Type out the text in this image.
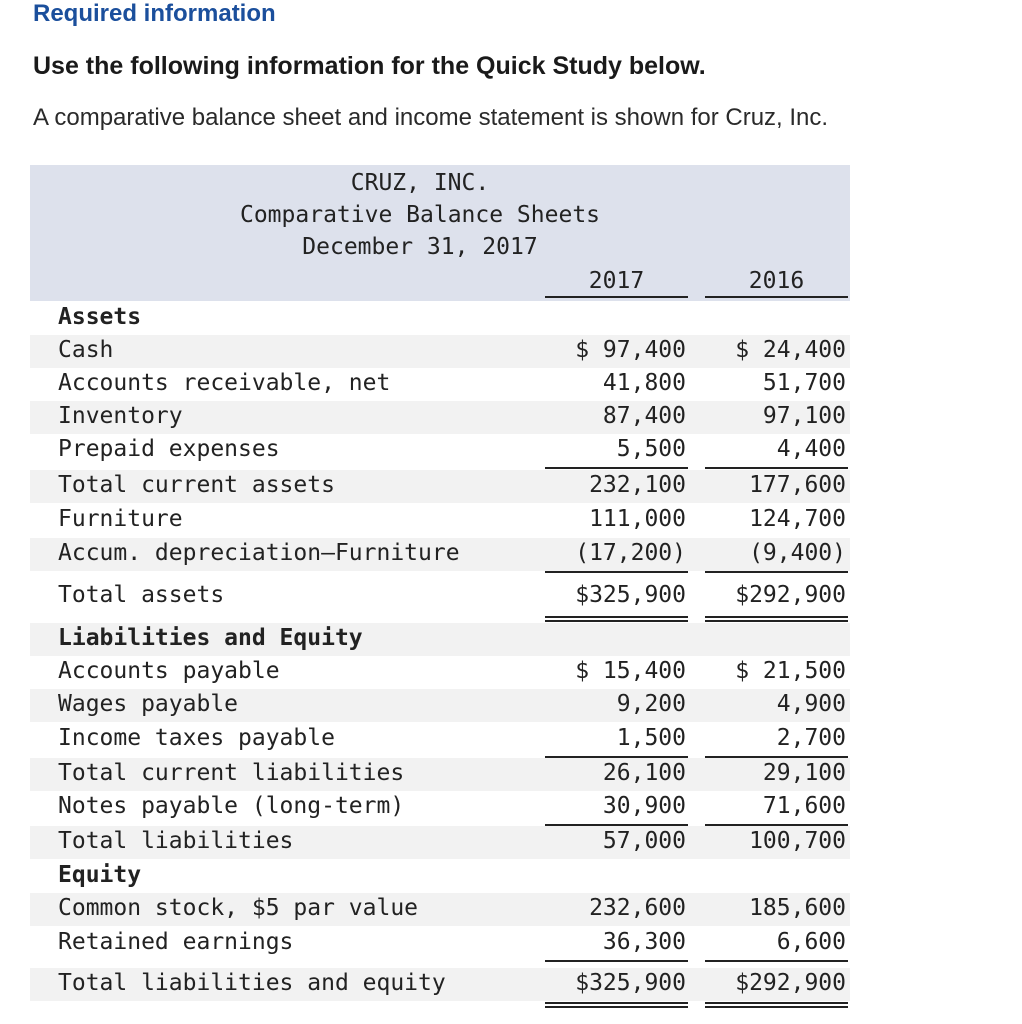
Required information
Use the following information for the Quick Study below.
A comparative balance sheet and income statement is shown for Cruz, Inc.
CRUZ, INC.
Comparative Balance Sheets
December 31, 2017
2017	2016
Assets
Cash	$ 97,400	$ 24,400
Accounts receivable, net	41,800	51,700
Inventory	87,400	97,100
Prepaid expenses	5,500	4,400
Total current assets	232,100	177,600
Furniture	111,000	124,700
Accum. depreciation—Furniture	(17,200)	(9,400)
Total assets	$325,900	$292,900
Liabilities and Equity
Accounts payable	$ 15,400	$ 21,500
Wages payable	9,200	4,900
Income taxes payable	1,500	2,700
Total current liabilities	26,100	29,100
Notes payable (long-term)	30,900	71,600
Total liabilities	57,000	100,700
Equity
Common stock, $5 par value	232,600	185,600
Retained earnings	36,300	6,600
Total liabilities and equity	$325,900	$292,900
